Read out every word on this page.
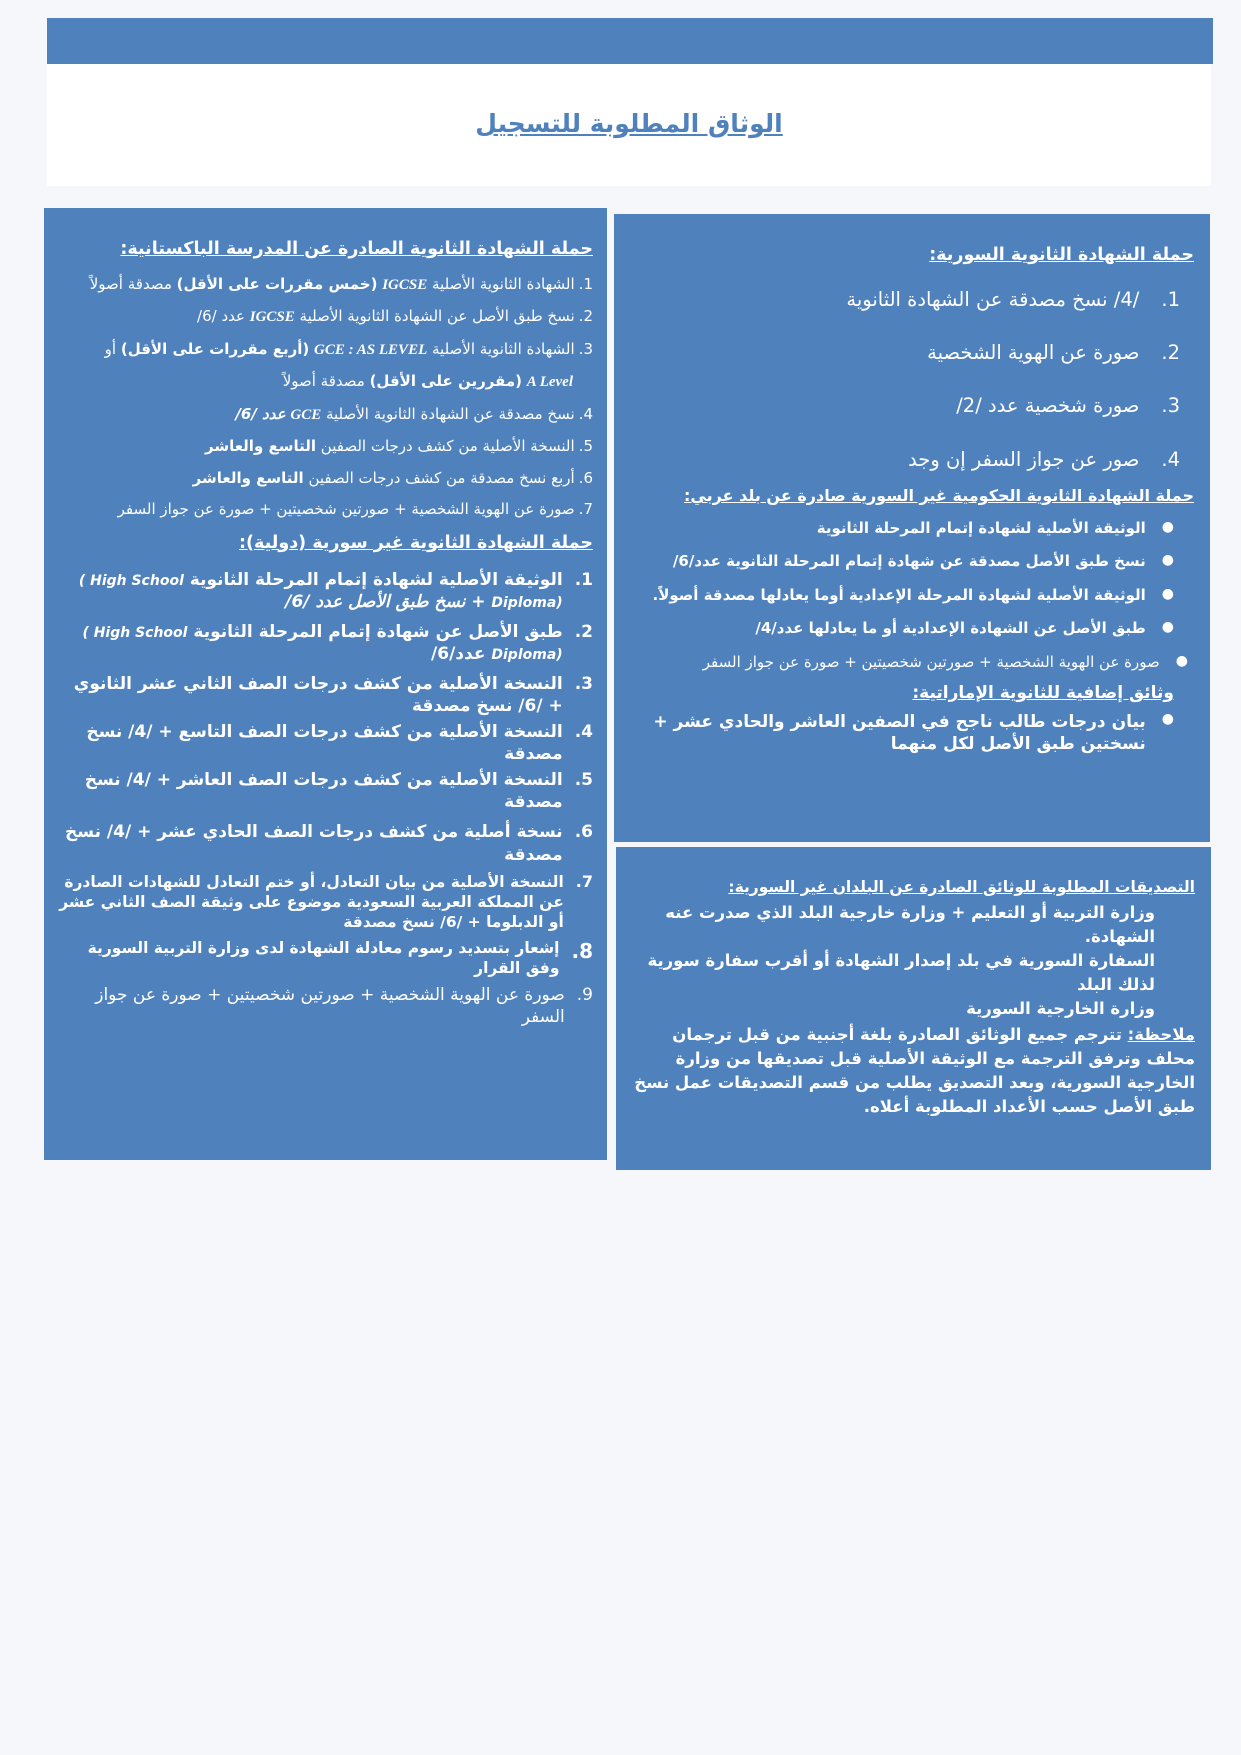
الوثاق المطلوبة للتسجيل
حملة الشهادة الثانوية الصادرة عن المدرسة الباكستانية:
1.
الشهادة الثانوية الأصلية IGCSE (خمس مقررات على الأقل) مصدقة أصولاً
2.
نسخ طبق الأصل عن الشهادة الثانوية الأصلية IGCSE عدد /6/
3.
الشهادة الثانوية الأصلية GCE : AS LEVEL (أربع مقررات على الأقل) أو
A Level (مقررين على الأقل) مصدقة أصولاً
4.
نسخ مصدقة عن الشهادة الثانوية الأصلية GCE عدد /6/
5.
النسخة الأصلية من كشف درجات الصفين التاسع والعاشر
6.
أربع نسخ مصدقة من كشف درجات الصفين التاسع والعاشر
7.
صورة عن الهوية الشخصية + صورتين شخصيتين + صورة عن جواز السفر
حملة الشهادة الثانوية غير سورية (دولية):
1.
الوثيقة الأصلية لشهادة إتمام المرحلة الثانوية ( High School Diploma) + نسخ طبق الأصل عدد /6/
2.
طبق الأصل عن شهادة إتمام المرحلة الثانوية ( High School Diploma) عدد/6/
3.
النسخة الأصلية من كشف درجات الصف الثاني عشر الثانوي + /6/ نسخ مصدقة
4.
النسخة الأصلية من كشف درجات الصف التاسع + /4/ نسخ مصدقة
5.
النسخة الأصلية من كشف درجات الصف العاشر + /4/ نسخ مصدقة
6.
نسخة أصلية من كشف درجات الصف الحادي عشر + /4/ نسخ مصدقة
7.
النسخة الأصلية من بيان التعادل، أو ختم التعادل للشهادات الصادرة عن المملكة العربية السعودية موضوع على وثيقة الصف الثاني عشر أو الدبلوما + /6/ نسخ مصدقة
8.
إشعار بتسديد رسوم معادلة الشهادة لدى وزارة التربية السورية وفق القرار
9.
صورة عن الهوية الشخصية + صورتين شخصيتين + صورة عن جواز السفر
حملة الشهادة الثانوية السورية:
1.
/4/ نسخ مصدقة عن الشهادة الثانوية
2.
صورة عن الهوية الشخصية
3.
صورة شخصية عدد /2/
4.
صور عن جواز السفر إن وجد
حملة الشهادة الثانوية الحكومية غير السورية صادرة عن بلد عربي:
●
الوثيقة الأصلية لشهادة إتمام المرحلة الثانوية
●
نسخ طبق الأصل مصدقة عن شهادة إتمام المرحلة الثانوية عدد/6/
●
الوثيقة الأصلية لشهادة المرحلة الإعدادية أوما يعادلها مصدقة أصولاً.
●
طبق الأصل عن الشهادة الإعدادية أو ما يعادلها عدد/4/
●
صورة عن الهوية الشخصية + صورتين شخصيتين + صورة عن جواز السفر
وثائق إضافية للثانوية الإماراتية:
●
بيان درجات طالب ناجح في الصفين العاشر والحادي عشر + نسختين طبق الأصل لكل منهما
التصديقات المطلوبة للوثائق الصادرة عن البلدان غير السورية:
وزارة التربية أو التعليم + وزارة خارجية البلد الذي صدرت عنه الشهادة.
السفارة السورية في بلد إصدار الشهادة أو أقرب سفارة سورية لذلك البلد
وزارة الخارجية السورية
ملاحظة: تترجم جميع الوثائق الصادرة بلغة أجنبية من قبل ترجمان محلف وترفق الترجمة مع الوثيقة الأصلية قبل تصديقها من وزارة الخارجية السورية، وبعد التصديق يطلب من قسم التصديقات عمل نسخ طبق الأصل حسب الأعداد المطلوبة أعلاه.
